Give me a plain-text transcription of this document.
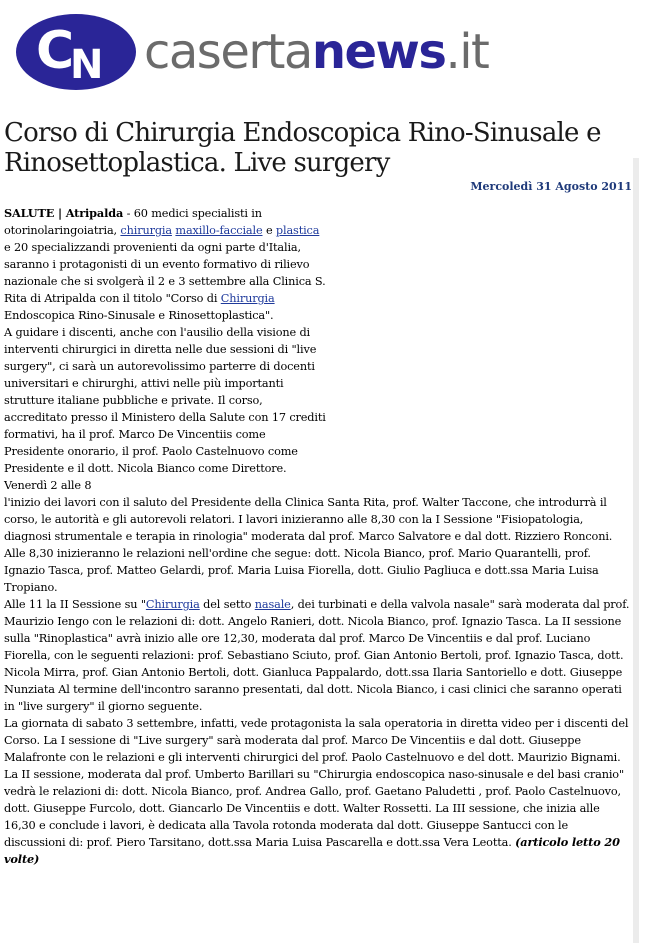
C
N casertanews.it
Corso di Chirurgia Endoscopica Rino-Sinusale e Rinosettoplastica. Live surgery
Mercoledì 31 Agosto 2011

SALUTE | Atripalda - 60 medici specialisti in otorinolaringoiatria, chirurgia maxillo-facciale e plastica e 20 specializzandi provenienti da ogni parte d'Italia, saranno i protagonisti di un evento formativo di rilievo nazionale che si svolgerà il 2 e 3 settembre alla Clinica S. Rita di Atripalda con il titolo "Corso di Chirurgia Endoscopica Rino-Sinusale e Rinosettoplastica".

A guidare i discenti, anche con l'ausilio della visione di interventi chirurgici in diretta nelle due sessioni di "live surgery", ci sarà un autorevolissimo parterre di docenti universitari e chirurghi, attivi nelle più importanti strutture italiane pubbliche e private. Il corso, accreditato presso il Ministero della Salute con 17 crediti formativi, ha il prof. Marco De Vincentiis come Presidente onorario, il prof. Paolo Castelnuovo come Presidente e il dott. Nicola Bianco come Direttore. Venerdì 2 alle 8

l'inizio dei lavori con il saluto del Presidente della Clinica Santa Rita, prof. Walter Taccone, che introdurrà il corso, le autorità e gli autorevoli relatori. I lavori inizieranno alle 8,30 con la I Sessione "Fisiopatologia, diagnosi strumentale e terapia in rinologia" moderata dal prof. Marco Salvatore e dal dott. Rizziero Ronconi.

Alle 8,30 inizieranno le relazioni nell'ordine che segue: dott. Nicola Bianco, prof. Mario Quarantelli, prof. Ignazio Tasca, prof. Matteo Gelardi, prof. Maria Luisa Fiorella, dott. Giulio Pagliuca e dott.ssa Maria Luisa Tropiano.

Alle 11 la II Sessione su "Chirurgia del setto nasale, dei turbinati e della valvola nasale" sarà moderata dal prof. Maurizio Iengo con le relazioni di: dott. Angelo Ranieri, dott. Nicola Bianco, prof. Ignazio Tasca. La II sessione sulla "Rinoplastica" avrà inizio alle ore 12,30, moderata dal prof. Marco De Vincentiis e dal prof. Luciano Fiorella, con le seguenti relazioni: prof. Sebastiano Sciuto, prof. Gian Antonio Bertoli, prof. Ignazio Tasca, dott. Nicola Mirra, prof. Gian Antonio Bertoli, dott. Gianluca Pappalardo, dott.ssa Ilaria Santoriello e dott. Giuseppe Nunziata Al termine dell'incontro saranno presentati, dal dott. Nicola Bianco, i casi clinici che saranno operati in "live surgery" il giorno seguente.

La giornata di sabato 3 settembre, infatti, vede protagonista la sala operatoria in diretta video per i discenti del Corso. La I sessione di "Live surgery" sarà moderata dal prof. Marco De Vincentiis e dal dott. Giuseppe Malafronte con le relazioni e gli interventi chirurgici del prof. Paolo Castelnuovo e del dott. Maurizio Bignami.

La II sessione, moderata dal prof. Umberto Barillari su "Chirurgia endoscopica naso-sinusale e del basi cranio" vedrà le relazioni di: dott. Nicola Bianco, prof. Andrea Gallo, prof. Gaetano Paludetti , prof. Paolo Castelnuovo, dott. Giuseppe Furcolo, dott. Giancarlo De Vincentiis e dott. Walter Rossetti. La III sessione, che inizia alle 16,30 e conclude i lavori, è dedicata alla Tavola rotonda moderata dal dott. Giuseppe Santucci con le discussioni di: prof. Piero Tarsitano, dott.ssa Maria Luisa Pascarella e dott.ssa Vera Leotta. (articolo letto 20 volte)
